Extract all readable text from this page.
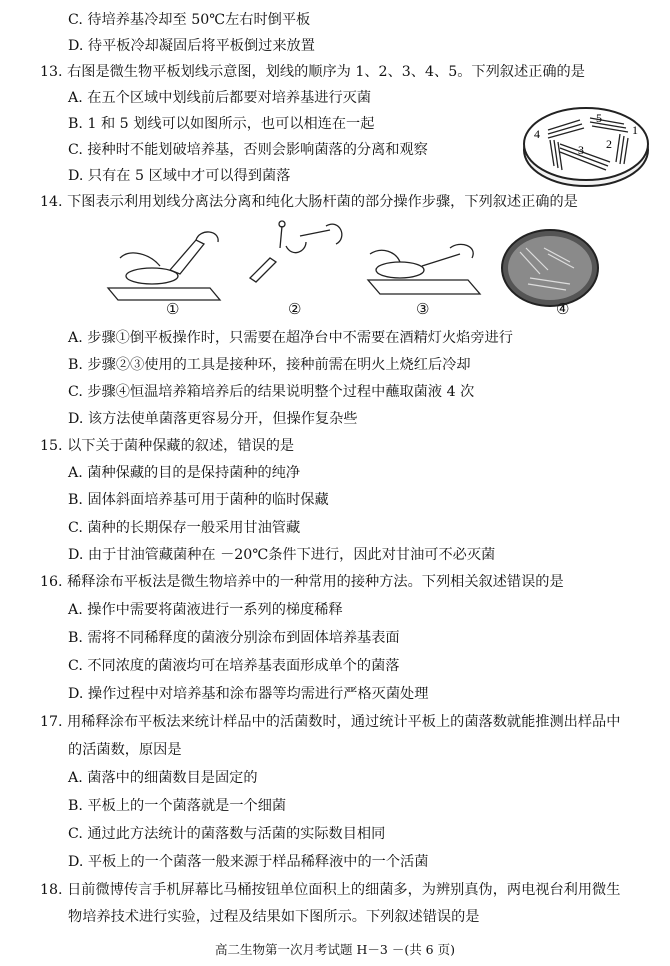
C. 待培养基冷却至 50℃左右时倒平板
D. 待平板冷却凝固后将平板倒过来放置
13. 右图是微生物平板划线示意图，划线的顺序为 1、2、3、4、5。下列叙述正确的是
A. 在五个区域中划线前后都要对培养基进行灭菌
B. 1 和 5 划线可以如图所示，也可以相连在一起
C. 接种时不能划破培养基，否则会影响菌落的分离和观察
D. 只有在 5 区域中才可以得到菌落
5
1
4
3 2
14. 下图表示利用划线分离法分离和纯化大肠杆菌的部分操作步骤，下列叙述正确的是
①	②	③	④
A. 步骤①倒平板操作时，只需要在超净台中不需要在酒精灯火焰旁进行
B. 步骤②③使用的工具是接种环，接种前需在明火上烧红后冷却
C. 步骤④恒温培养箱培养后的结果说明整个过程中蘸取菌液 4 次
D. 该方法使单菌落更容易分开，但操作复杂些
15. 以下关于菌种保藏的叙述，错误的是
A. 菌种保藏的目的是保持菌种的纯净
B. 固体斜面培养基可用于菌种的临时保藏
C. 菌种的长期保存一般采用甘油管藏
D. 由于甘油管藏菌种在 －20℃条件下进行，因此对甘油可不必灭菌
16. 稀释涂布平板法是微生物培养中的一种常用的接种方法。下列相关叙述错误的是
A. 操作中需要将菌液进行一系列的梯度稀释
B. 需将不同稀释度的菌液分别涂布到固体培养基表面
C. 不同浓度的菌液均可在培养基表面形成单个的菌落
D. 操作过程中对培养基和涂布器等均需进行严格灭菌处理
17. 用稀释涂布平板法来统计样品中的活菌数时，通过统计平板上的菌落数就能推测出样品中
的活菌数，原因是
A. 菌落中的细菌数目是固定的
B. 平板上的一个菌落就是一个细菌
C. 通过此方法统计的菌落数与活菌的实际数目相同
D. 平板上的一个菌落一般来源于样品稀释液中的一个活菌
18. 日前微博传言手机屏幕比马桶按钮单位面积上的细菌多，为辨别真伪，两电视台利用微生
物培养技术进行实验，过程及结果如下图所示。下列叙述错误的是
高二生物第一次月考试题 H－3 －(共 6 页)
